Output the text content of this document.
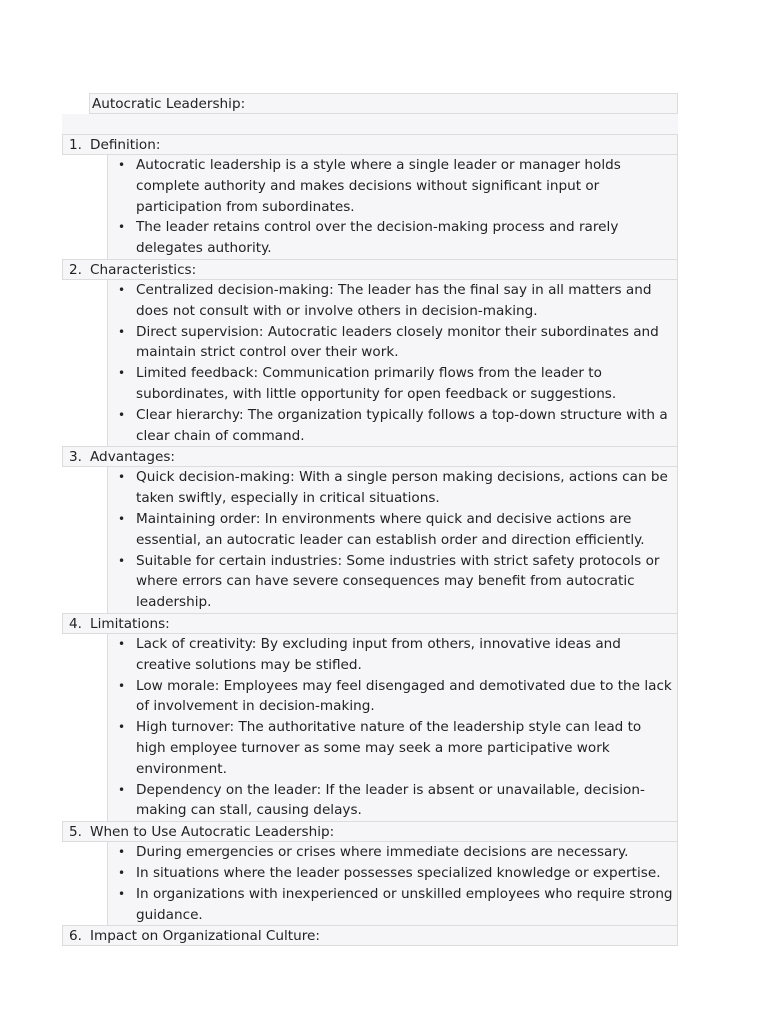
Autocratic Leadership:
1. Definition:
• Autocratic leadership is a style where a single leader or manager holds complete authority and makes decisions without significant input or participation from subordinates.
• The leader retains control over the decision-making process and rarely delegates authority.
2. Characteristics:
• Centralized decision-making: The leader has the final say in all matters and does not consult with or involve others in decision-making.
• Direct supervision: Autocratic leaders closely monitor their subordinates and maintain strict control over their work.
• Limited feedback: Communication primarily flows from the leader to subordinates, with little opportunity for open feedback or suggestions.
• Clear hierarchy: The organization typically follows a top-down structure with a clear chain of command.
3. Advantages:
• Quick decision-making: With a single person making decisions, actions can be taken swiftly, especially in critical situations.
• Maintaining order: In environments where quick and decisive actions are essential, an autocratic leader can establish order and direction efficiently.
• Suitable for certain industries: Some industries with strict safety protocols or where errors can have severe consequences may benefit from autocratic leadership.
4. Limitations:
• Lack of creativity: By excluding input from others, innovative ideas and creative solutions may be stifled.
• Low morale: Employees may feel disengaged and demotivated due to the lack of involvement in decision-making.
• High turnover: The authoritative nature of the leadership style can lead to high employee turnover as some may seek a more participative work environment.
• Dependency on the leader: If the leader is absent or unavailable, decision-making can stall, causing delays.
5. When to Use Autocratic Leadership:
• During emergencies or crises where immediate decisions are necessary.
• In situations where the leader possesses specialized knowledge or expertise.
• In organizations with inexperienced or unskilled employees who require strong guidance.
6. Impact on Organizational Culture:
